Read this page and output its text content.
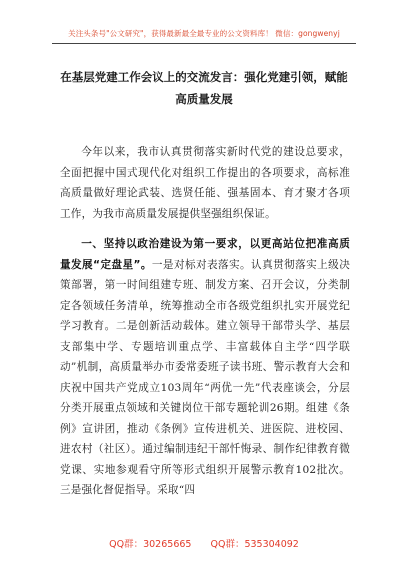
关注头条号"公文研究"，获得最新最全最专业的公文资料库！ 微信：gongwenyj
在基层党建工作会议上的交流发言：强化党建引领，赋能高质量发展

今年以来，我市认真贯彻落实新时代党的建设总要求，全面把握中国式现代化对组织工作提出的各项要求，高标准高质量做好理论武装、选贤任能、强基固本、育才聚才各项工作，为我市高质量发展提供坚强组织保证。

一、坚持以政治建设为第一要求，以更高站位把准高质量发展“定盘星”。一是对标对表落实。认真贯彻落实上级决策部署，第一时间组建专班、制发方案、召开会议，分类制定各领域任务清单，统筹推动全市各级党组织扎实开展党纪学习教育。二是创新活动载体。建立领导干部带头学、基层支部集中学、专题培训重点学、丰富载体自主学“四学联动”机制，高质量举办市委常委班子读书班、警示教育大会和庆祝中国共产党成立103周年“两优一先”代表座谈会，分层分类开展重点领域和关键岗位干部专题轮训26期。组建《条例》宣讲团，推动《条例》宣传进机关、进医院、进校园、进农村（社区）。通过编制违纪干部忏悔录、制作纪律教育微党课、实地参观看守所等形式组织开展警示教育102批次。三是强化督促指导。采取“四

QQ群：30265665 QQ群：535304092
